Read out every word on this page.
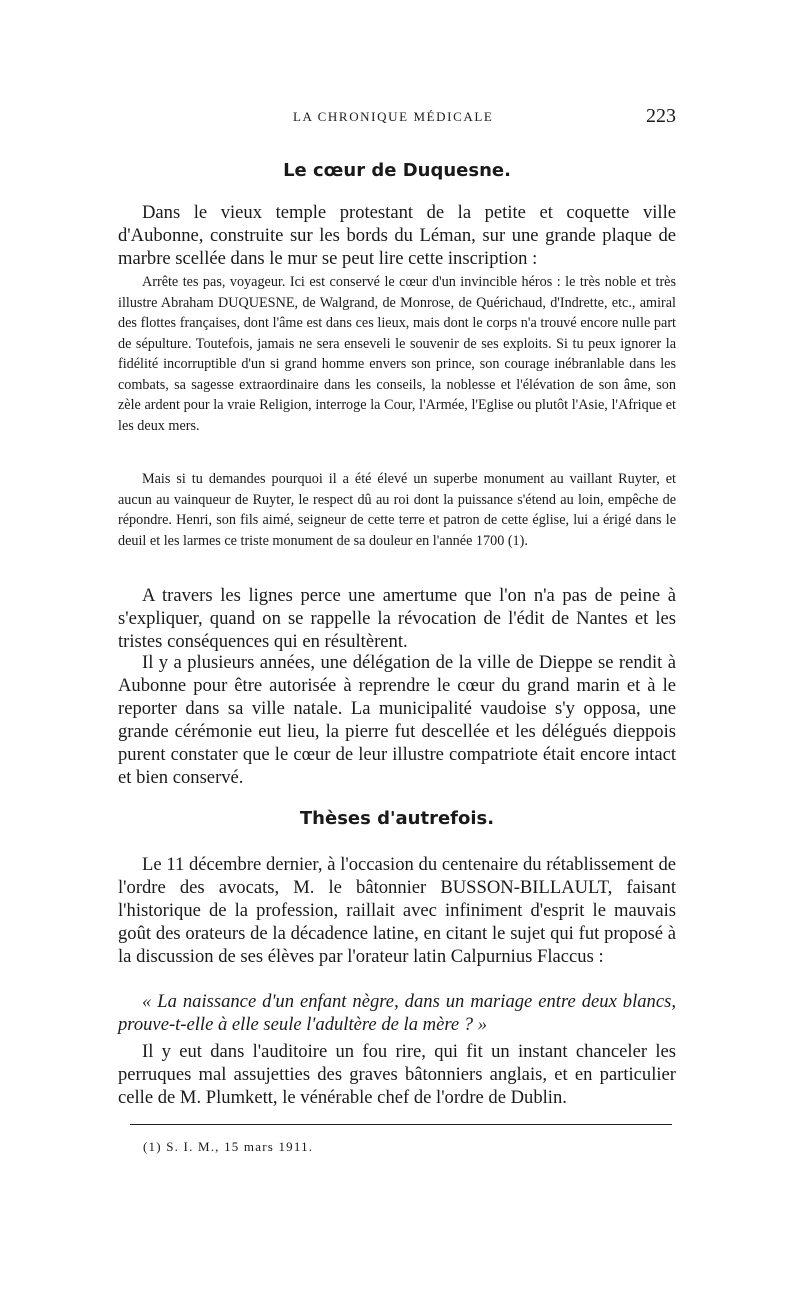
LA CHRONIQUE MÉDICALE	223
Le cœur de Duquesne.

Dans le vieux temple protestant de la petite et coquette ville d'Aubonne, construite sur les bords du Léman, sur une grande plaque de marbre scellée dans le mur se peut lire cette inscription :

Arrête tes pas, voyageur. Ici est conservé le cœur d'un invincible héros : le très noble et très illustre Abraham DUQUESNE, de Walgrand, de Monrose, de Quérichaud, d'Indrette, etc., amiral des flottes françaises, dont l'âme est dans ces lieux, mais dont le corps n'a trouvé encore nulle part de sépulture. Toutefois, jamais ne sera enseveli le souvenir de ses exploits. Si tu peux ignorer la fidélité incorruptible d'un si grand homme envers son prince, son courage inébranlable dans les combats, sa sagesse extraordinaire dans les conseils, la noblesse et l'élévation de son âme, son zèle ardent pour la vraie Religion, interroge la Cour, l'Armée, l'Eglise ou plutôt l'Asie, l'Afrique et les deux mers.

Mais si tu demandes pourquoi il a été élevé un superbe monument au vaillant Ruyter, et aucun au vainqueur de Ruyter, le respect dû au roi dont la puissance s'étend au loin, empêche de répondre. Henri, son fils aimé, seigneur de cette terre et patron de cette église, lui a érigé dans le deuil et les larmes ce triste monument de sa douleur en l'année 1700 (1).

A travers les lignes perce une amertume que l'on n'a pas de peine à s'expliquer, quand on se rappelle la révocation de l'édit de Nantes et les tristes conséquences qui en résultèrent.

Il y a plusieurs années, une délégation de la ville de Dieppe se rendit à Aubonne pour être autorisée à reprendre le cœur du grand marin et à le reporter dans sa ville natale. La municipalité vaudoise s'y opposa, une grande cérémonie eut lieu, la pierre fut descellée et les délégués dieppois purent constater que le cœur de leur illustre compatriote était encore intact et bien conservé.

Thèses d'autrefois.

Le 11 décembre dernier, à l'occasion du centenaire du rétablissement de l'ordre des avocats, M. le bâtonnier BUSSON-BILLAULT, faisant l'historique de la profession, raillait avec infiniment d'esprit le mauvais goût des orateurs de la décadence latine, en citant le sujet qui fut proposé à la discussion de ses élèves par l'orateur latin Calpurnius Flaccus :

« La naissance d'un enfant nègre, dans un mariage entre deux blancs, prouve-t-elle à elle seule l'adultère de la mère ? »

Il y eut dans l'auditoire un fou rire, qui fit un instant chanceler les perruques mal assujetties des graves bâtonniers anglais, et en particulier celle de M. Plumkett, le vénérable chef de l'ordre de Dublin.

(1) S. I. M., 15 mars 1911.
